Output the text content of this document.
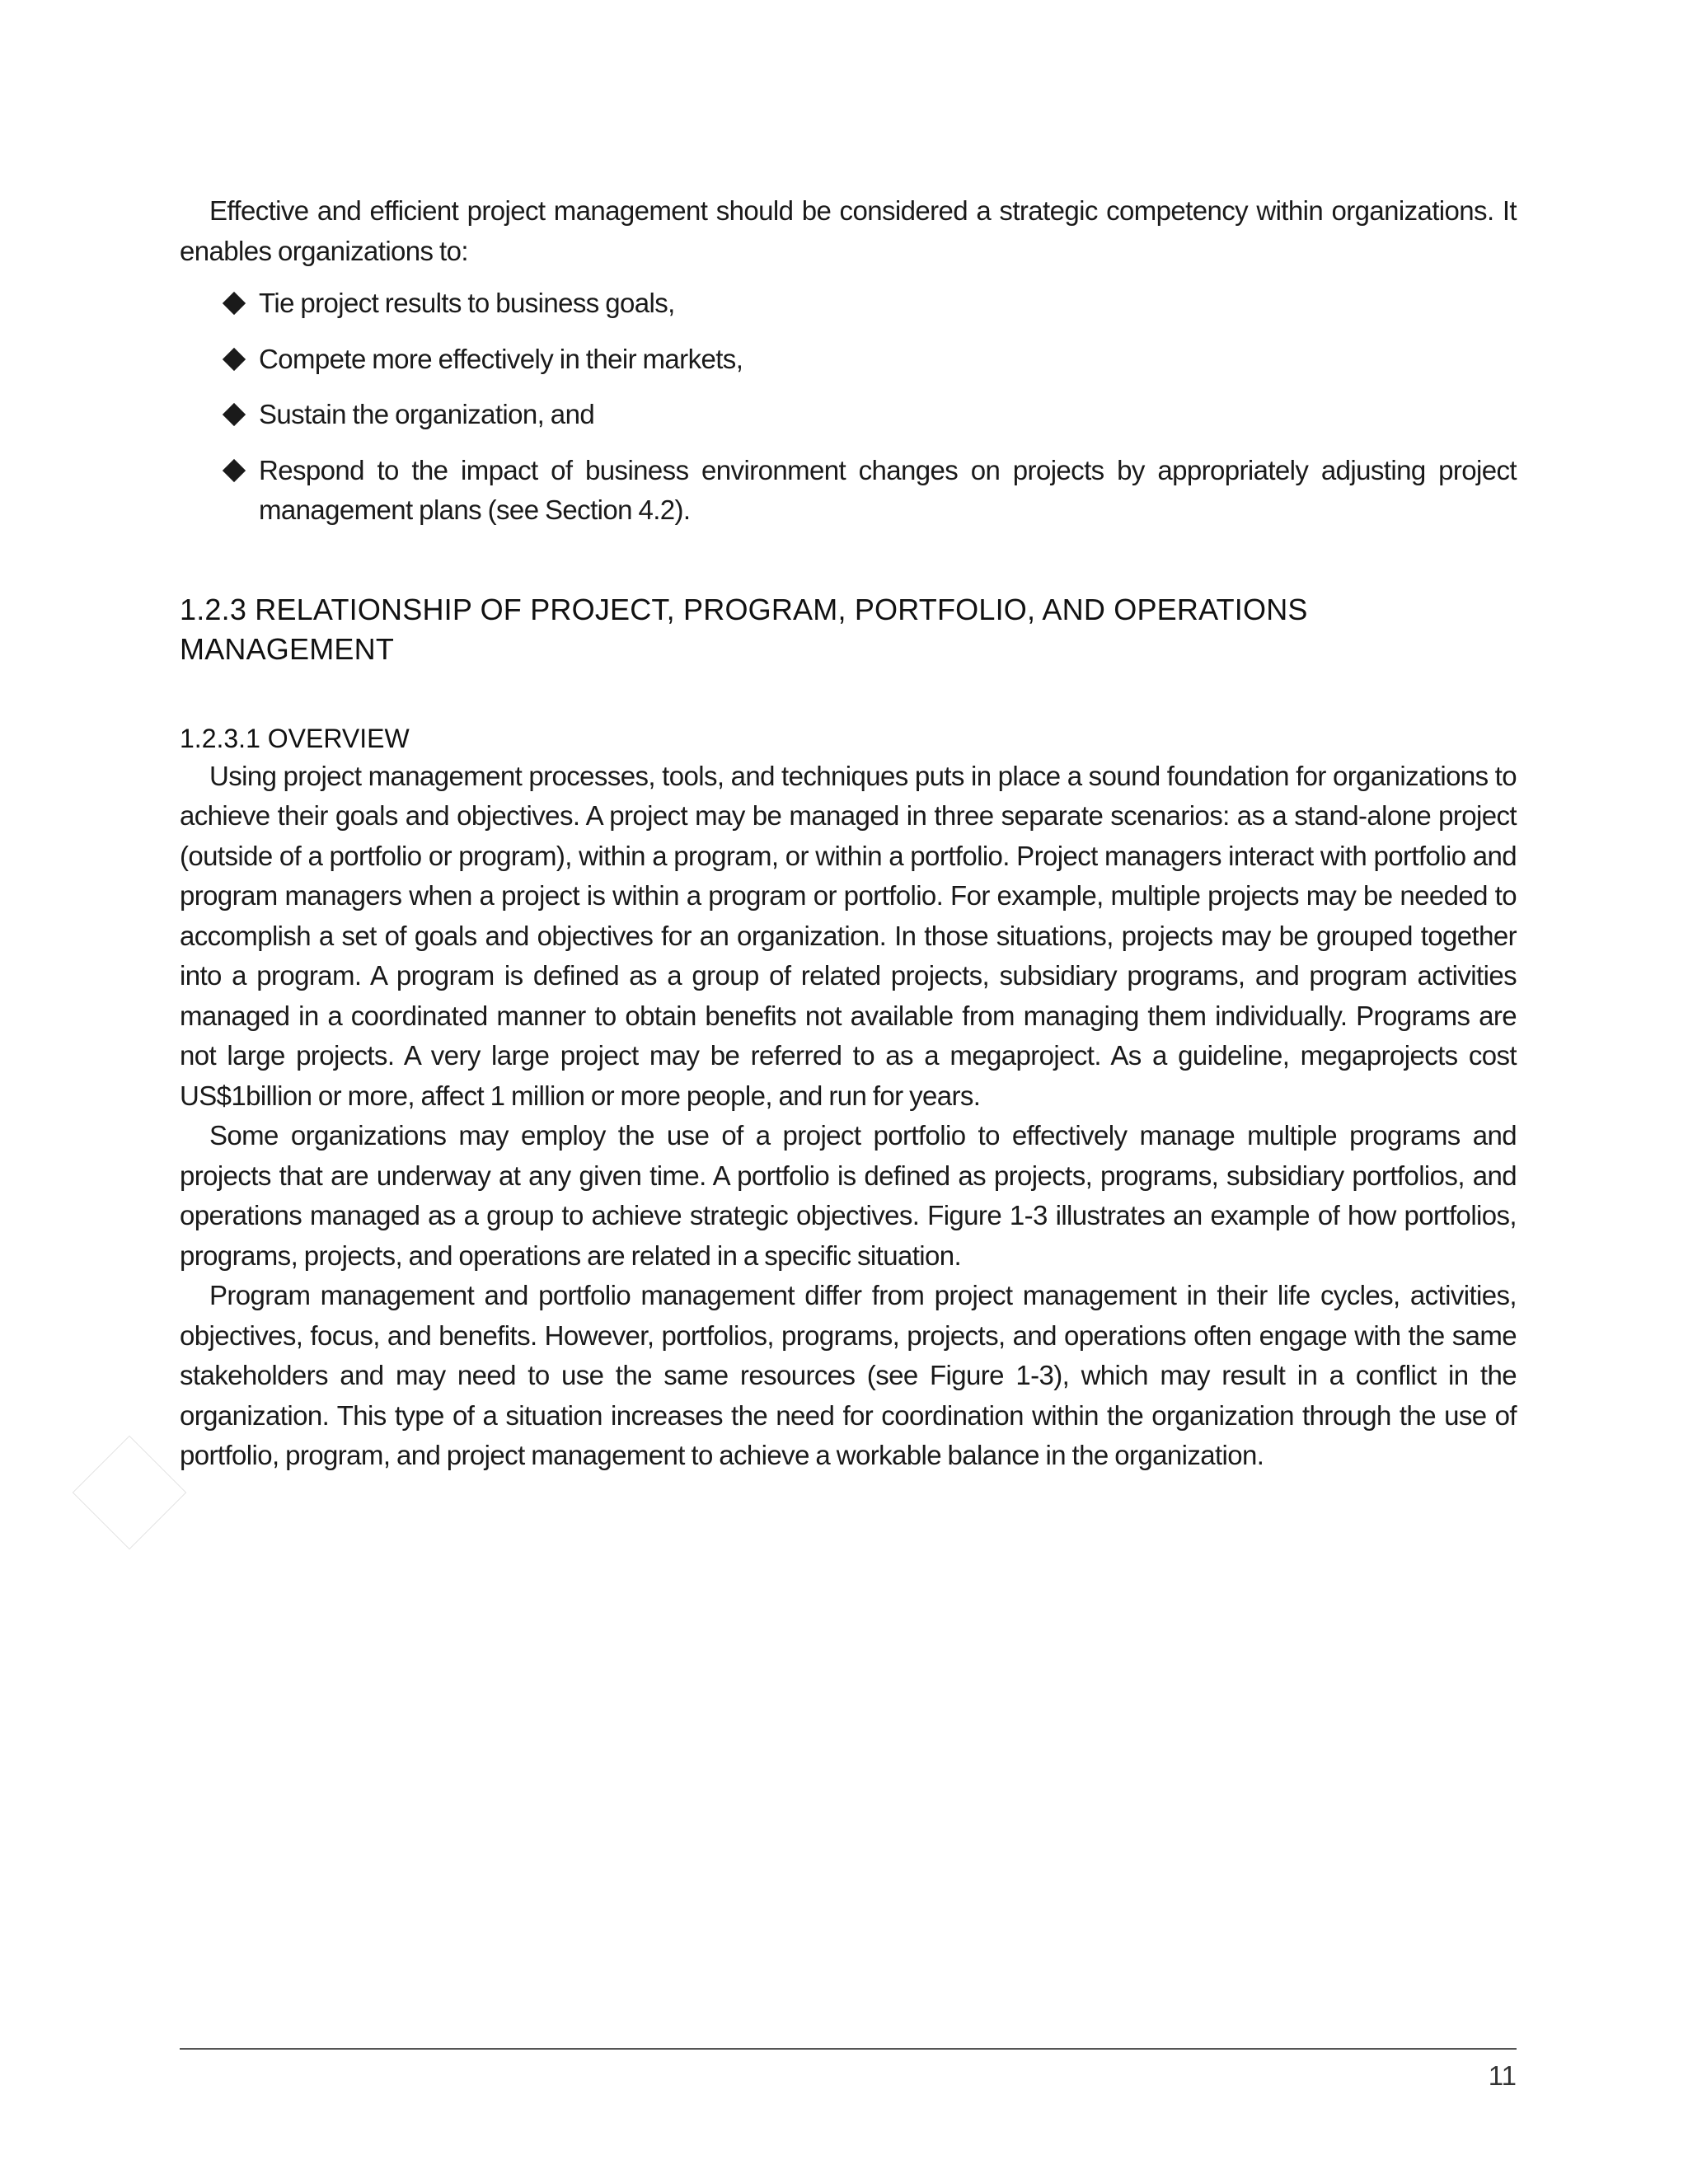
Effective and efficient project management should be considered a strategic competency within organizations. It enables organizations to:

Tie project results to business goals,
Compete more effectively in their markets,
Sustain the organization, and
Respond to the impact of business environment changes on projects by appropriately adjusting project management plans (see Section 4.2).
1.2.3 RELATIONSHIP OF PROJECT, PROGRAM, PORTFOLIO, AND OPERATIONS MANAGEMENT
1.2.3.1 OVERVIEW

Using project management processes, tools, and techniques puts in place a sound foundation for organizations to achieve their goals and objectives. A project may be managed in three separate scenarios: as a stand-alone project (outside of a portfolio or program), within a program, or within a portfolio. Project managers interact with portfolio and program managers when a project is within a program or portfolio. For example, multiple projects may be needed to accomplish a set of goals and objectives for an organization. In those situations, projects may be grouped together into a program. A program is defined as a group of related projects, subsidiary programs, and program activities managed in a coordinated manner to obtain benefits not available from managing them individually. Programs are not large projects. A very large project may be referred to as a megaproject. As a guideline, megaprojects cost US$1billion or more, affect 1 million or more people, and run for years.

Some organizations may employ the use of a project portfolio to effectively manage multiple programs and projects that are underway at any given time. A portfolio is defined as projects, programs, subsidiary portfolios, and operations managed as a group to achieve strategic objectives. Figure 1-3 illustrates an example of how portfolios, programs, projects, and operations are related in a specific situation.

Program management and portfolio management differ from project management in their life cycles, activities, objectives, focus, and benefits. However, portfolios, programs, projects, and operations often engage with the same stakeholders and may need to use the same resources (see Figure 1-3), which may result in a conflict in the organization. This type of a situation increases the need for coordination within the organization through the use of portfolio, program, and project management to achieve a workable balance in the organization.

11
